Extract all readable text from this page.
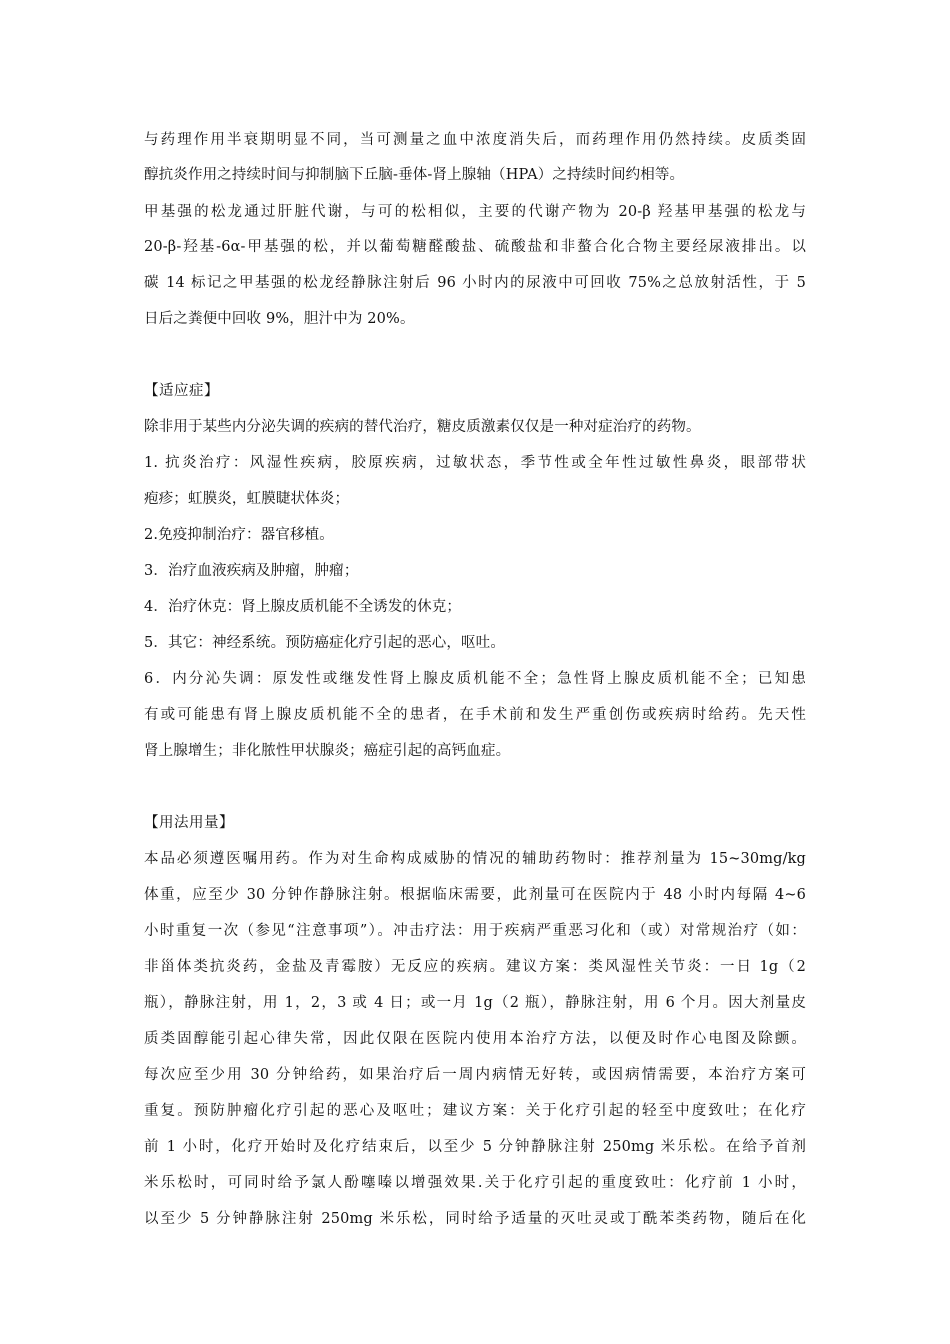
与药理作用半衰期明显不同，当可测量之血中浓度消失后，而药理作用仍然持续。皮质类固
醇抗炎作用之持续时间与抑制脑下丘脑-垂体-肾上腺轴（HPA）之持续时间约相等。
甲基强的松龙通过肝脏代谢，与可的松相似，主要的代谢产物为 20-β 羟基甲基强的松龙与
20-β-羟基-6α-甲基强的松，并以葡萄糖醛酸盐、硫酸盐和非螯合化合物主要经尿液排出。以
碳 14 标记之甲基强的松龙经静脉注射后 96 小时内的尿液中可回收 75%之总放射活性，于 5
日后之粪便中回收 9%，胆汁中为 20%。
【适应症】
除非用于某些内分泌失调的疾病的替代治疗，糖皮质激素仅仅是一种对症治疗的药物。
1. 抗炎治疗：风湿性疾病，胶原疾病，过敏状态，季节性或全年性过敏性鼻炎，眼部带状
疱疹；虹膜炎，虹膜睫状体炎；
2.免疫抑制治疗：器官移植。
3．治疗血液疾病及肿瘤，肿瘤；
4．治疗休克：肾上腺皮质机能不全诱发的休克；
5．其它：神经系统。预防癌症化疗引起的恶心，呕吐。
6．内分沁失调：原发性或继发性肾上腺皮质机能不全；急性肾上腺皮质机能不全；已知患
有或可能患有肾上腺皮质机能不全的患者，在手术前和发生严重创伤或疾病时给药。先天性
肾上腺增生；非化脓性甲状腺炎；癌症引起的高钙血症。
【用法用量】
本品必须遵医嘱用药。作为对生命构成威胁的情况的辅助药物时：推荐剂量为 15~30mg/kg
体重，应至少 30 分钟作静脉注射。根据临床需要，此剂量可在医院内于 48 小时内每隔 4~6
小时重复一次（参见“注意事项”）。冲击疗法：用于疾病严重恶习化和（或）对常规治疗（如：
非甾体类抗炎药，金盐及青霉胺）无反应的疾病。建议方案：类风湿性关节炎：一日 1g（2
瓶），静脉注射，用 1，2，3 或 4 日；或一月 1g（2 瓶），静脉注射，用 6 个月。因大剂量皮
质类固醇能引起心律失常，因此仅限在医院内使用本治疗方法，以便及时作心电图及除颤。
每次应至少用 30 分钟给药，如果治疗后一周内病情无好转，或因病情需要，本治疗方案可
重复。预防肿瘤化疗引起的恶心及呕吐；建议方案：关于化疗引起的轻至中度致吐；在化疗
前 1 小时，化疗开始时及化疗结束后，以至少 5 分钟静脉注射 250mg 米乐松。在给予首剂
米乐松时，可同时给予氯人酚噻嗪以增强效果.关于化疗引起的重度致吐：化疗前 1 小时，
以至少 5 分钟静脉注射 250mg 米乐松，同时给予适量的灭吐灵或丁酰苯类药物，随后在化
